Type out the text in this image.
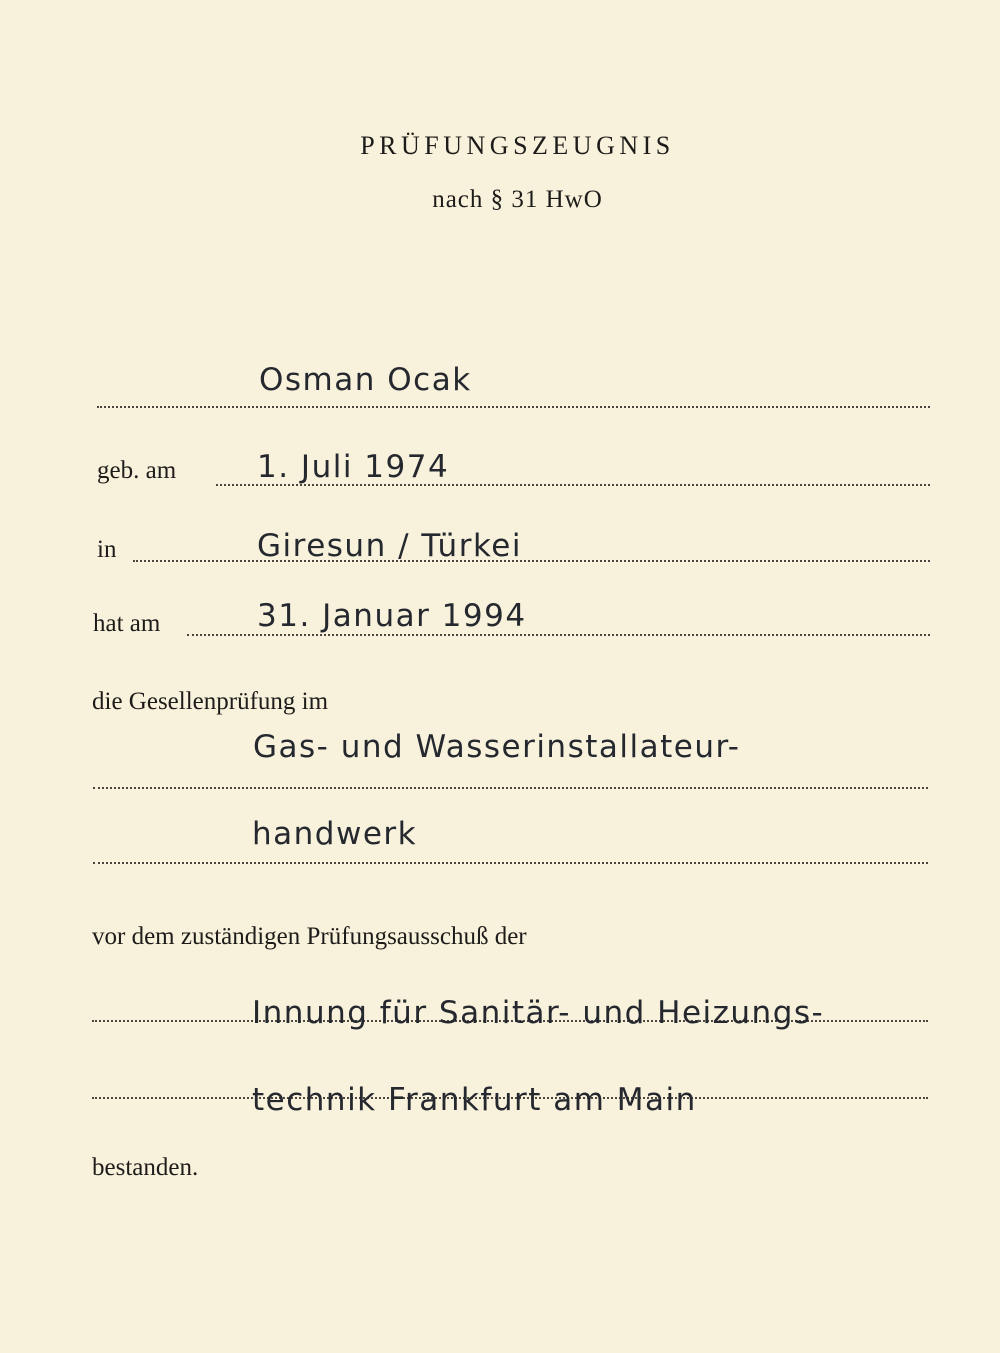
PRÜFUNGSZEUGNIS
nach § 31 HwO
Osman Ocak
geb. am	1. Juli 1974
in	Giresun / Türkei
hat am	31. Januar 1994
die Gesellenprüfung im
Gas- und Wasserinstallateur-
handwerk
vor dem zuständigen Prüfungsausschuß der
Innung für Sanitär- und Heizungs-
technik Frankfurt am Main
bestanden.
